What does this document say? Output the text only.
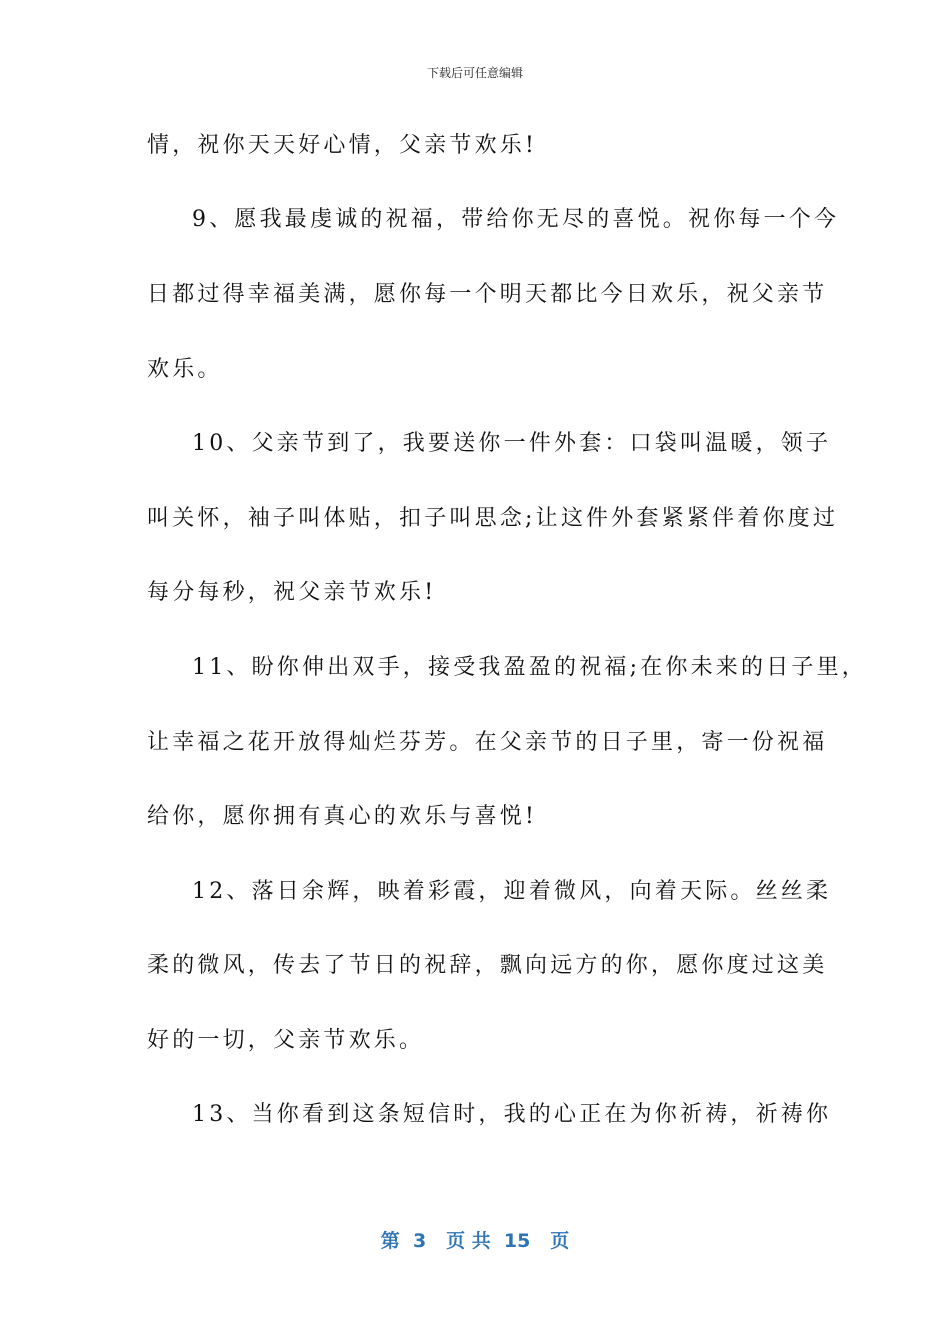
下载后可任意编辑
情，祝你天天好心情，父亲节欢乐!
9、愿我最虔诚的祝福，带给你无尽的喜悦。祝你每一个今
日都过得幸福美满，愿你每一个明天都比今日欢乐，祝父亲节
欢乐。
10、父亲节到了，我要送你一件外套：口袋叫温暖，领子
叫关怀，袖子叫体贴，扣子叫思念;让这件外套紧紧伴着你度过
每分每秒，祝父亲节欢乐!
11、盼你伸出双手，接受我盈盈的祝福;在你未来的日子里，
让幸福之花开放得灿烂芬芳。在父亲节的日子里，寄一份祝福
给你，愿你拥有真心的欢乐与喜悦!
12、落日余辉，映着彩霞，迎着微风，向着天际。丝丝柔
柔的微风，传去了节日的祝辞，飘向远方的你，愿你度过这美
好的一切，父亲节欢乐。
13、当你看到这条短信时，我的心正在为你祈祷，祈祷你
第  3   页 共  15   页
